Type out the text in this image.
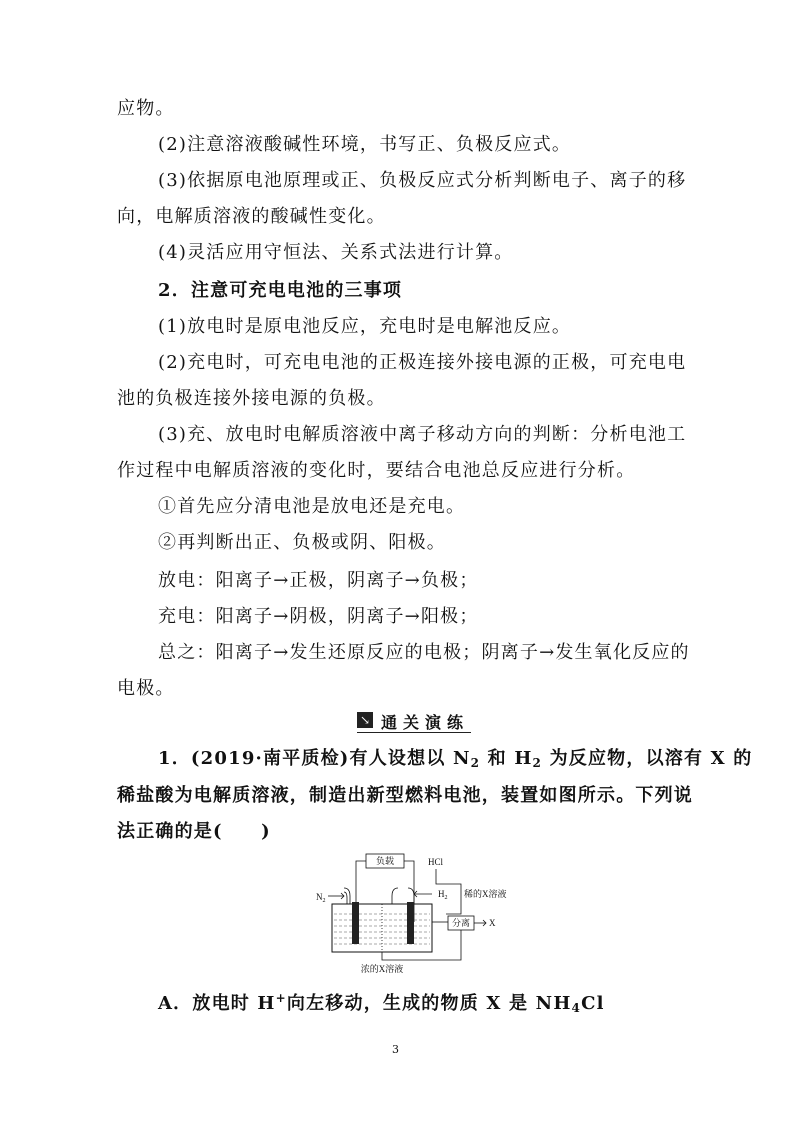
应物。
(2)注意溶液酸碱性环境，书写正、负极反应式。
(3)依据原电池原理或正、负极反应式分析判断电子、离子的移
向，电解质溶液的酸碱性变化。
(4)灵活应用守恒法、关系式法进行计算。
2．注意可充电电池的三事项
(1)放电时是原电池反应，充电时是电解池反应。
(2)充电时，可充电电池的正极连接外接电源的正极，可充电电
池的负极连接外接电源的负极。
(3)充、放电时电解质溶液中离子移动方向的判断：分析电池工
作过程中电解质溶液的变化时，要结合电池总反应进行分析。
①首先应分清电池是放电还是充电。
②再判断出正、负极或阴、阳极。
放电：阳离子→正极，阴离子→负极；
充电：阳离子→阴极，阴离子→阳极；
总之：阳离子→发生还原反应的电极；阴离子→发生氧化反应的
电极。
↘ 通关演练
1．(2019·南平质检)有人设想以 $N_2$ 和 $H_2$ 为反应物，以溶有 X 的
稀盐酸为电解质溶液，制造出新型燃料电池，装置如图所示。下列说
法正确的是(　　)
负载	HCl
稀的X溶液
$N_2$
$H_2$
分离 X
浓的X溶液
A．放电时 H+向左移动，生成的物质 X 是 $NH_4Cl$
3
